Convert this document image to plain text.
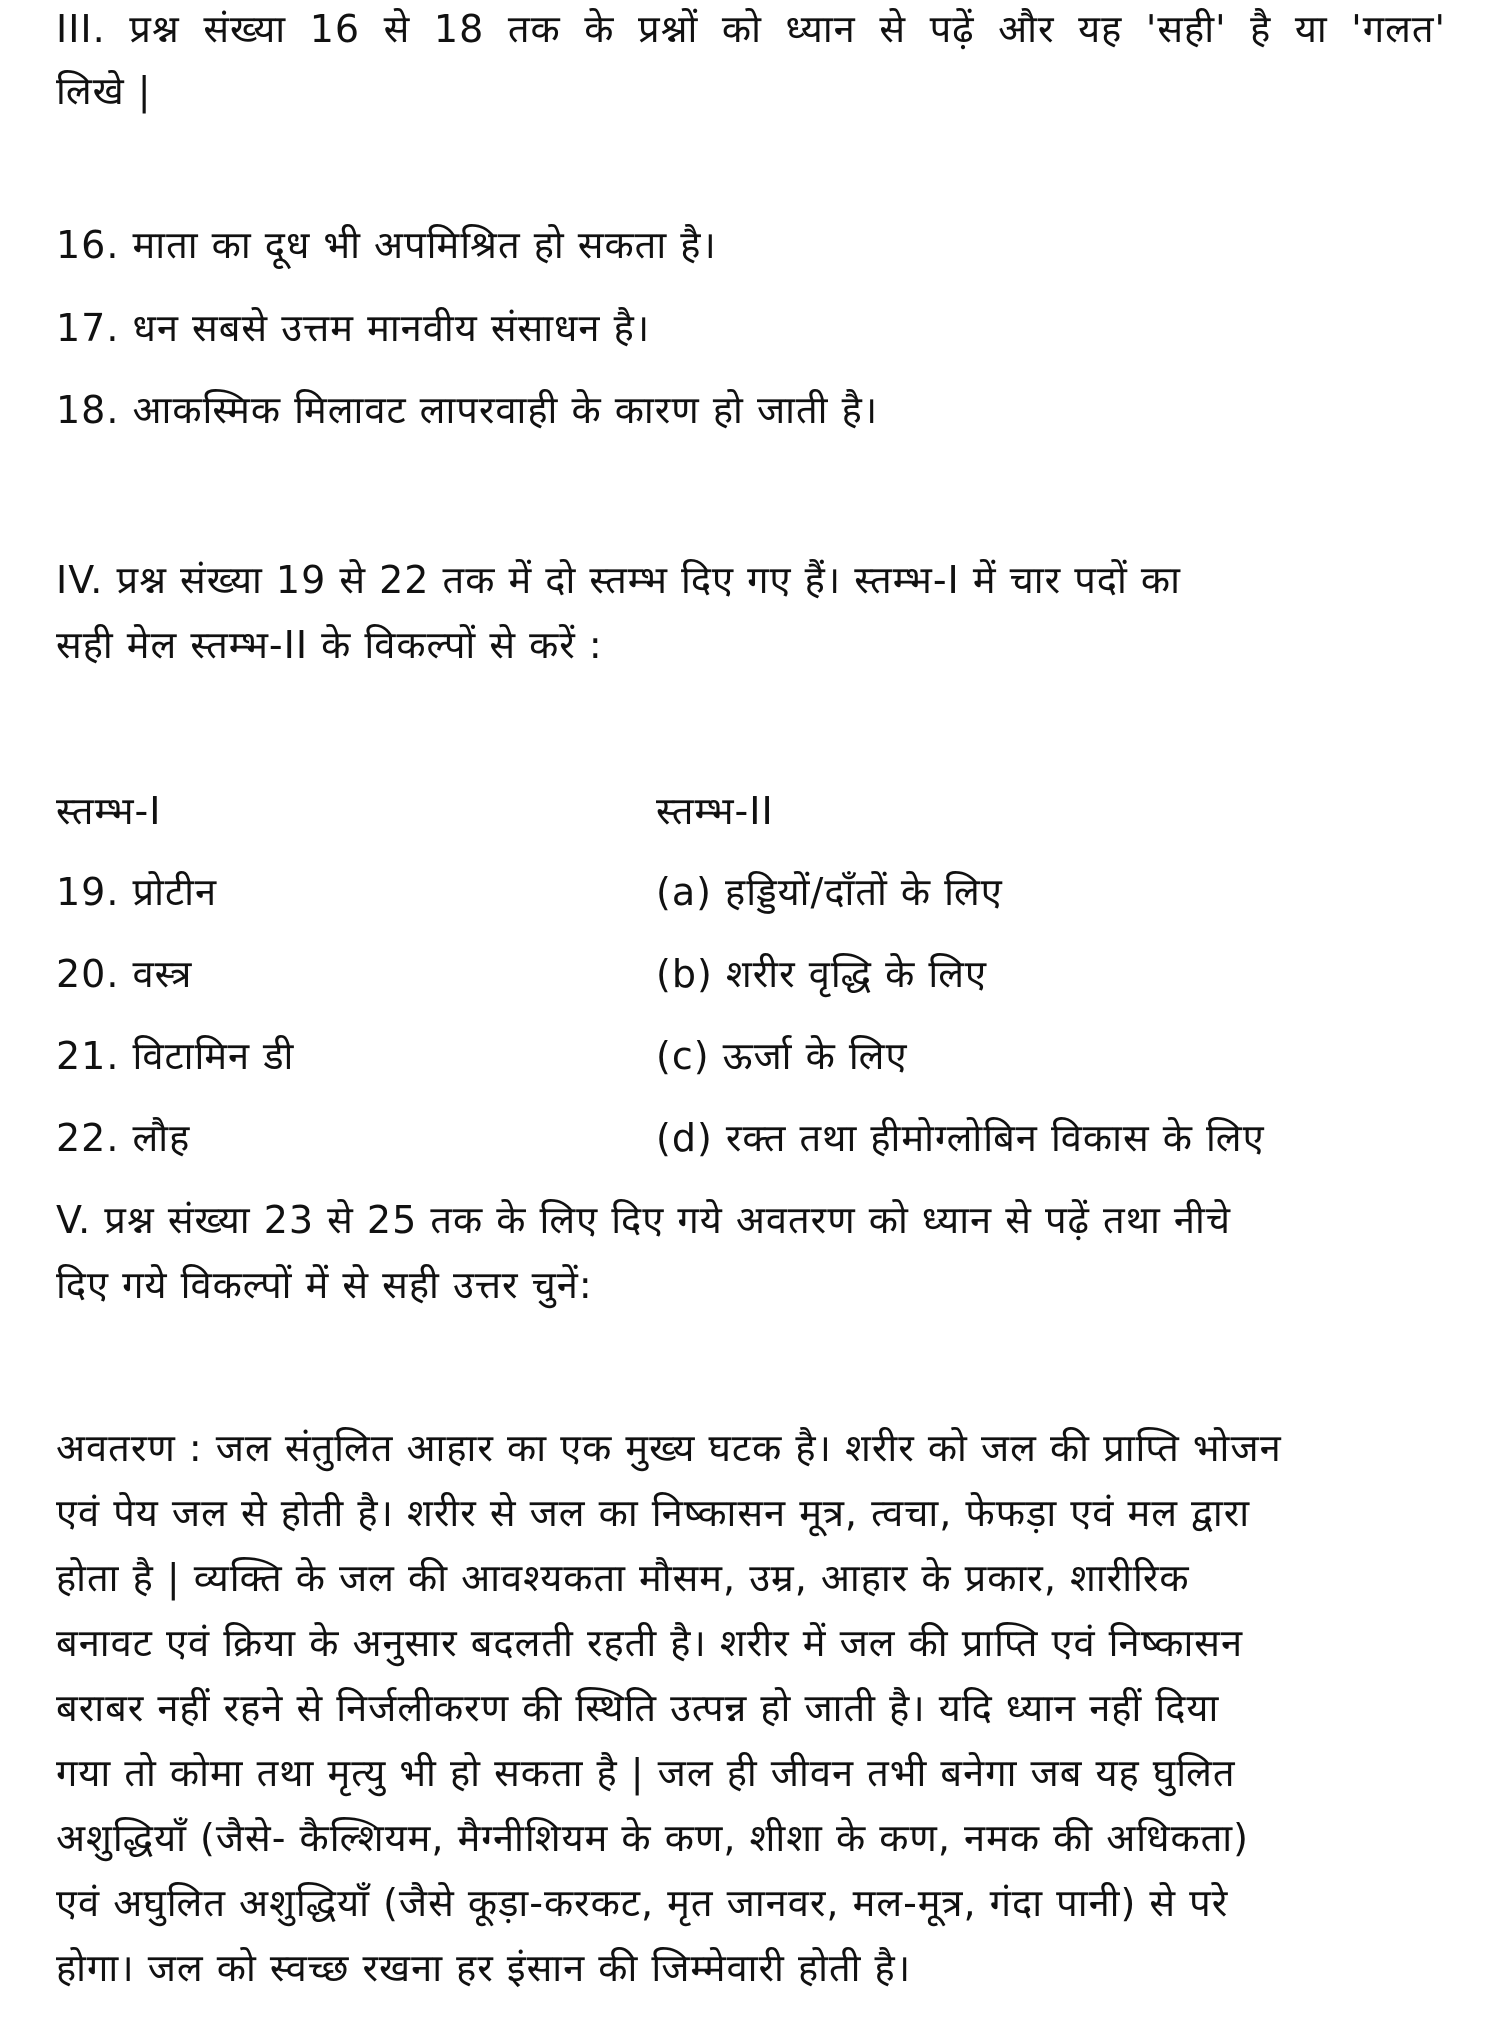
III. प्रश्न संख्या 16 से 18 तक के प्रश्नों को ध्यान से पढ़ें और यह 'सही' है या 'गलत'
लिखे |
16. माता का दूध भी अपमिश्रित हो सकता है।
17. धन सबसे उत्तम मानवीय संसाधन है।
18. आकस्मिक मिलावट लापरवाही के कारण हो जाती है।
IV. प्रश्न संख्या 19 से 22 तक में दो स्तम्भ दिए गए हैं। स्तम्भ-I में चार पदों का
सही मेल स्तम्भ-II के विकल्पों से करें :
स्तम्भ-I	स्तम्भ-II
19. प्रोटीन	(a) हड्डियों/दाँतों के लिए
20. वस्त्र	(b) शरीर वृद्धि के लिए
21. विटामिन डी	(c) ऊर्जा के लिए
22. लौह	(d) रक्त तथा हीमोग्लोबिन विकास के लिए
V. प्रश्न संख्या 23 से 25 तक के लिए दिए गये अवतरण को ध्यान से पढ़ें तथा नीचे
दिए गये विकल्पों में से सही उत्तर चुनें:
अवतरण : जल संतुलित आहार का एक मुख्य घटक है। शरीर को जल की प्राप्ति भोजन
एवं पेय जल से होती है। शरीर से जल का निष्कासन मूत्र, त्वचा, फेफड़ा एवं मल द्वारा
होता है | व्यक्ति के जल की आवश्यकता मौसम, उम्र, आहार के प्रकार, शारीरिक
बनावट एवं क्रिया के अनुसार बदलती रहती है। शरीर में जल की प्राप्ति एवं निष्कासन
बराबर नहीं रहने से निर्जलीकरण की स्थिति उत्पन्न हो जाती है। यदि ध्यान नहीं दिया
गया तो कोमा तथा मृत्यु भी हो सकता है | जल ही जीवन तभी बनेगा जब यह घुलित
अशुद्धियाँ (जैसे- कैल्शियम, मैग्नीशियम के कण, शीशा के कण, नमक की अधिकता)
एवं अघुलित अशुद्धियाँ (जैसे कूड़ा-करकट, मृत जानवर, मल-मूत्र, गंदा पानी) से परे
होगा। जल को स्वच्छ रखना हर इंसान की जिम्मेवारी होती है।
